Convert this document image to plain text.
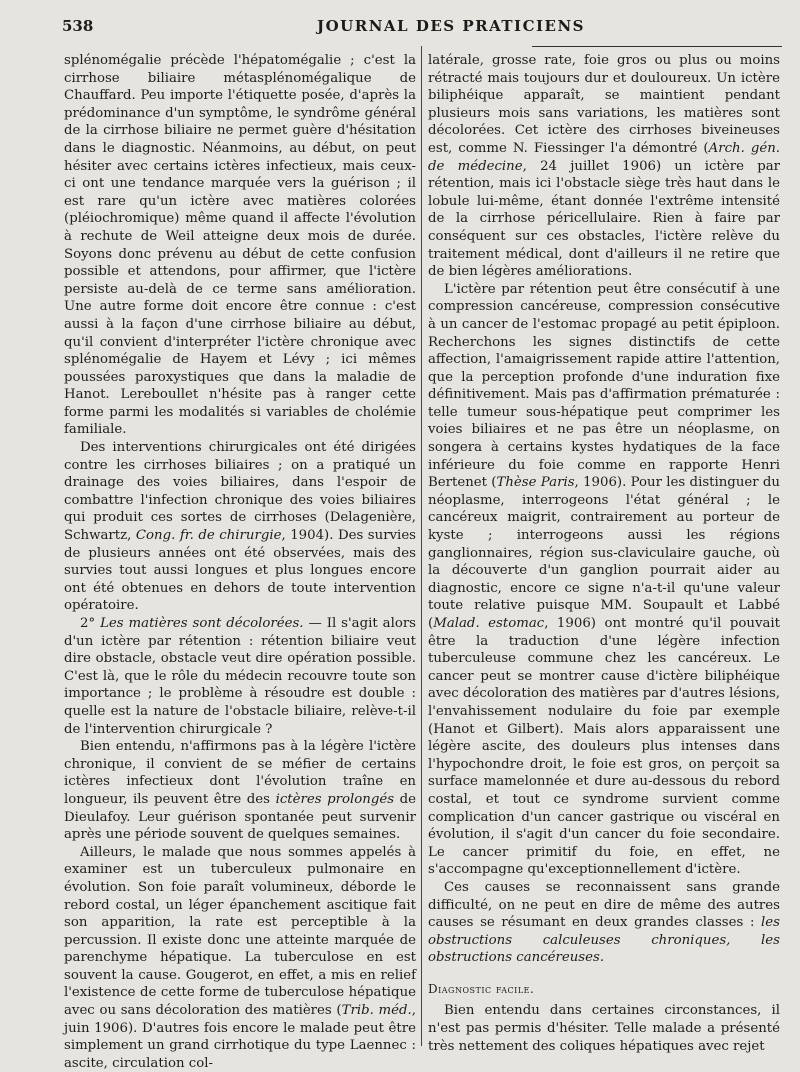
538	JOURNAL DES PRATICIENS

splénomégalie précède l'hépatomégalie ; c'est la cirrhose biliaire métasplénomégalique de Chauffard. Peu importe l'étiquette posée, d'après la prédominance d'un symptôme, le syndrôme général de la cirrhose biliaire ne permet guère d'hésitation dans le diagnostic. Néanmoins, au début, on peut hésiter avec certains ictères infectieux, mais ceux-ci ont une tendance marquée vers la guérison ; il est rare qu'un ictère avec matières colorées (pléiochromique) même quand il affecte l'évolution à rechute de Weil atteigne deux mois de durée. Soyons donc prévenu au début de cette confusion possible et attendons, pour affirmer, que l'ictère persiste au-delà de ce terme sans amélioration. Une autre forme doit encore être connue : c'est aussi à la façon d'une cirrhose biliaire au début, qu'il convient d'interpréter l'ictère chronique avec splénomégalie de Hayem et Lévy ; ici mêmes poussées paroxystiques que dans la maladie de Hanot. Lereboullet n'hésite pas à ranger cette forme parmi les modalités si variables de cholémie familiale.

Des interventions chirurgicales ont été dirigées contre les cirrhoses biliaires ; on a pratiqué un drainage des voies biliaires, dans l'espoir de combattre l'infection chronique des voies biliaires qui produit ces sortes de cirrhoses (Delagenière, Schwartz, Cong. fr. de chirurgie, 1904). Des survies de plusieurs années ont été observées, mais des survies tout aussi longues et plus longues encore ont été obtenues en dehors de toute intervention opératoire.

2° Les matières sont décolorées. — Il s'agit alors d'un ictère par rétention : rétention biliaire veut dire obstacle, obstacle veut dire opération possible. C'est là, que le rôle du médecin recouvre toute son importance ; le problème à résoudre est double : quelle est la nature de l'obstacle biliaire, relève-t-il de l'intervention chirurgicale ?

Bien entendu, n'affirmons pas à la légère l'ictère chronique, il convient de se méfier de certains ictères infectieux dont l'évolution traîne en longueur, ils peuvent être des ictères prolongés de Dieulafoy. Leur guérison spontanée peut survenir après une période souvent de quelques semaines.

Ailleurs, le malade que nous sommes appelés à examiner est un tuberculeux pulmonaire en évolution. Son foie paraît volumineux, déborde le rebord costal, un léger épanchement ascitique fait son apparition, la rate est perceptible à la percussion. Il existe donc une atteinte marquée de parenchyme hépatique. La tuberculose en est souvent la cause. Gougerot, en effet, a mis en relief l'existence de cette forme de tuberculose hépatique avec ou sans décoloration des matières (Trib. méd., juin 1906). D'autres fois encore le malade peut être simplement un grand cirrhotique du type Laennec : ascite, circulation col-

latérale, grosse rate, foie gros ou plus ou moins rétracté mais toujours dur et douloureux. Un ictère biliphéique apparaît, se maintient pendant plusieurs mois sans variations, les matières sont décolorées. Cet ictère des cirrhoses biveineuses est, comme N. Fiessinger l'a démontré (Arch. gén. de médecine, 24 juillet 1906) un ictère par rétention, mais ici l'obstacle siège très haut dans le lobule lui-même, étant donnée l'extrême intensité de la cirrhose péricellulaire. Rien à faire par conséquent sur ces obstacles, l'ictère relève du traitement médical, dont d'ailleurs il ne retire que de bien légères améliorations.

L'ictère par rétention peut être consécutif à une compression cancéreuse, compression consécutive à un cancer de l'estomac propagé au petit épiploon. Recherchons les signes distinctifs de cette affection, l'amaigrissement rapide attire l'attention, que la perception profonde d'une induration fixe définitivement. Mais pas d'affirmation prématurée : telle tumeur sous-hépatique peut comprimer les voies biliaires et ne pas être un néoplasme, on songera à certains kystes hydatiques de la face inférieure du foie comme en rapporte Henri Bertenet (Thèse Paris, 1906). Pour les distinguer du néoplasme, interrogeons l'état général ; le cancéreux maigrit, contrairement au porteur de kyste ; interrogeons aussi les régions ganglionnaires, région sus-claviculaire gauche, où la découverte d'un ganglion pourrait aider au diagnostic, encore ce signe n'a-t-il qu'une valeur toute relative puisque MM. Soupault et Labbé (Malad. estomac, 1906) ont montré qu'il pouvait être la traduction d'une légère infection tuberculeuse commune chez les cancéreux. Le cancer peut se montrer cause d'ictère biliphéique avec décoloration des matières par d'autres lésions, l'envahissement nodulaire du foie par exemple (Hanot et Gilbert). Mais alors apparaissent une légère ascite, des douleurs plus intenses dans l'hypochondre droit, le foie est gros, on perçoit sa surface mamelonnée et dure au-dessous du rebord costal, et tout ce syndrome survient comme complication d'un cancer gastrique ou viscéral en évolution, il s'agit d'un cancer du foie secondaire. Le cancer primitif du foie, en effet, ne s'accompagne qu'exceptionnellement d'ictère.

Ces causes se reconnaissent sans grande difficulté, on ne peut en dire de même des autres causes se résumant en deux grandes classes : les obstructions calculeuses chroniques, les obstructions cancéreuses.

Diagnostic facile.

Bien entendu dans certaines circonstances, il n'est pas permis d'hésiter. Telle malade a présenté très nettement des coliques hépatiques avec rejet
